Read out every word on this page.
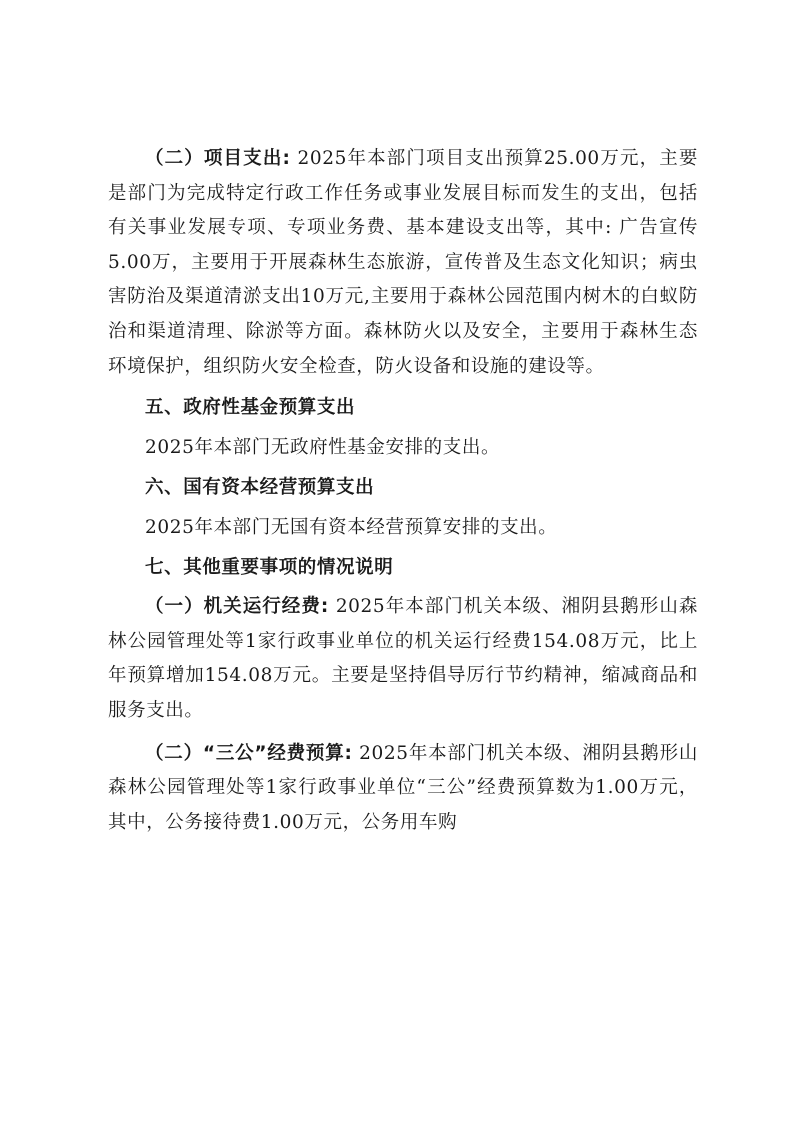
（二）项目支出: 2025年本部门项目支出预算25.00万元，主要是部门为完成特定行政工作任务或事业发展目标而发生的支出，包括有关事业发展专项、专项业务费、基本建设支出等，其中: 广告宣传5.00万，主要用于开展森林生态旅游，宣传普及生态文化知识；病虫害防治及渠道清淤支出10万元,主要用于森林公园范围内树木的白蚁防治和渠道清理、除淤等方面。森林防火以及安全，主要用于森林生态环境保护，组织防火安全检查，防火设备和设施的建设等。

五、政府性基金预算支出

2025年本部门无政府性基金安排的支出。

六、国有资本经营预算支出

2025年本部门无国有资本经营预算安排的支出。

七、其他重要事项的情况说明

（一）机关运行经费: 2025年本部门机关本级、湘阴县鹅形山森林公园管理处等1家行政事业单位的机关运行经费154.08万元，比上年预算增加154.08万元。主要是坚持倡导厉行节约精神，缩减商品和服务支出。

（二）“三公”经费预算: 2025年本部门机关本级、湘阴县鹅形山森林公园管理处等1家行政事业单位“三公”经费预算数为1.00万元，其中，公务接待费1.00万元，公务用车购
